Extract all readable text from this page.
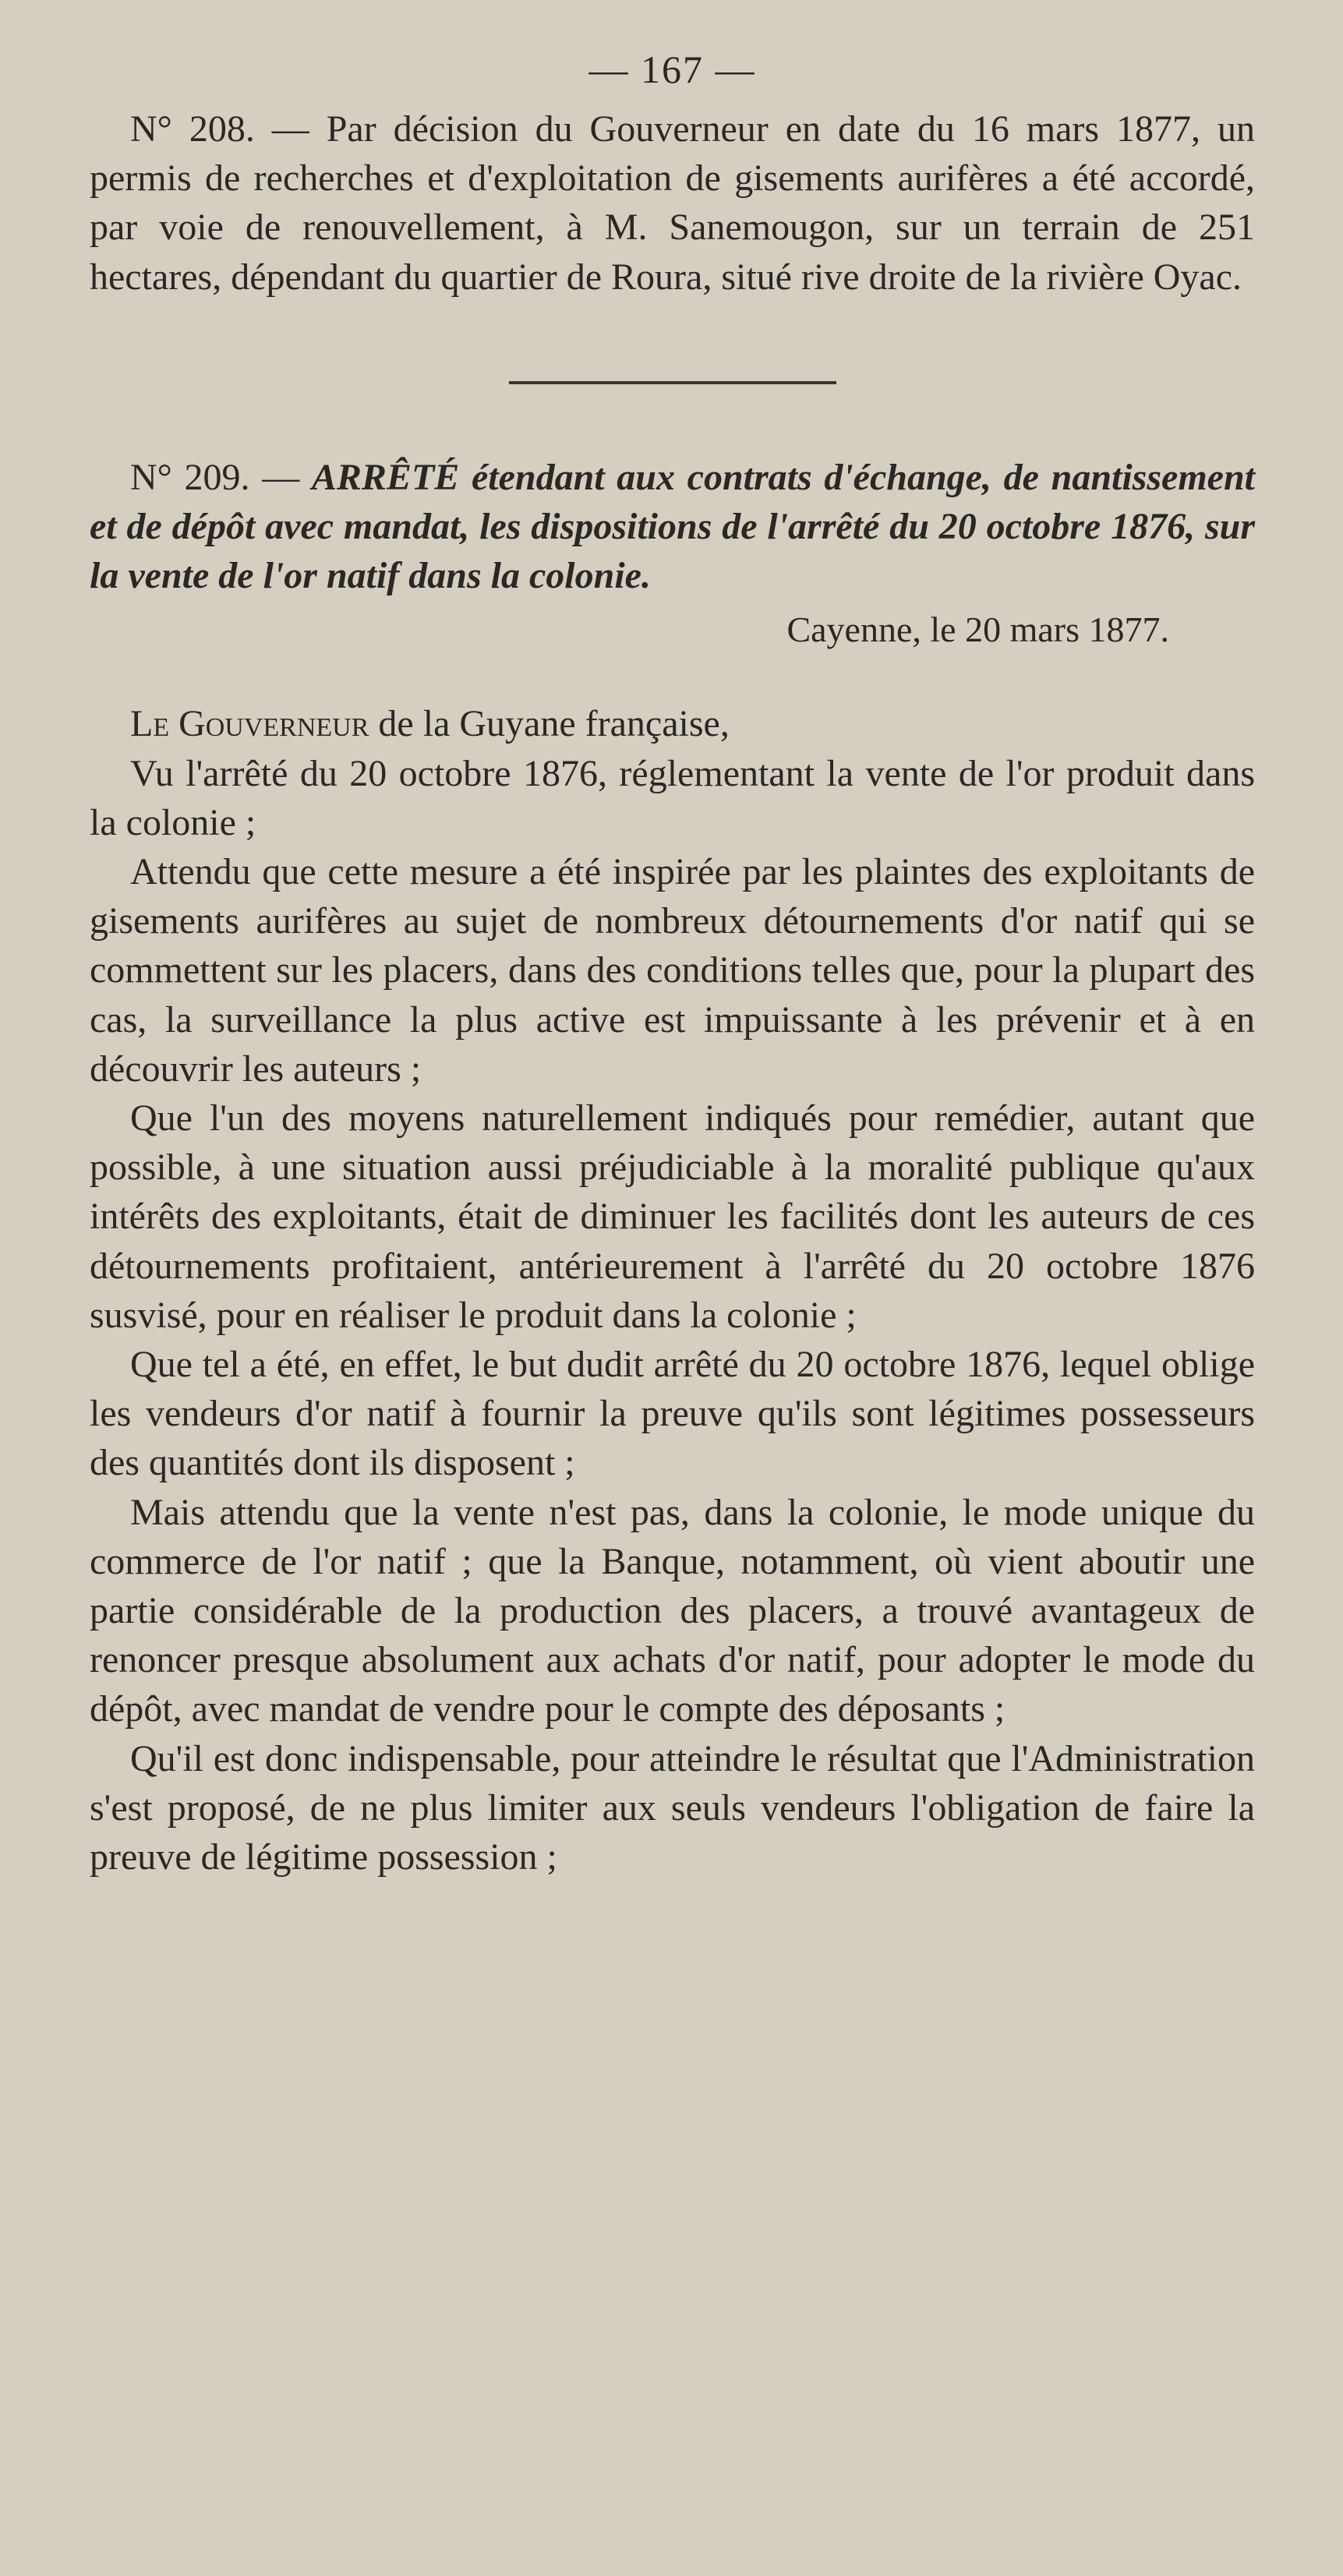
— 167 —

N° 208. — Par décision du Gouverneur en date du 16 mars 1877, un permis de recherches et d'exploitation de gisements aurifères a été accordé, par voie de renouvellement, à M. Sanemougon, sur un terrain de 251 hectares, dépendant du quartier de Roura, situé rive droite de la rivière Oyac.

N° 209. — ARRÊTÉ étendant aux contrats d'échange, de nantissement et de dépôt avec mandat, les dispositions de l'arrêté du 20 octobre 1876, sur la vente de l'or natif dans la colonie.

Cayenne, le 20 mars 1877.

Le Gouverneur de la Guyane française,

Vu l'arrêté du 20 octobre 1876, réglementant la vente de l'or produit dans la colonie ;

Attendu que cette mesure a été inspirée par les plaintes des exploitants de gisements aurifères au sujet de nombreux détournements d'or natif qui se commettent sur les placers, dans des conditions telles que, pour la plupart des cas, la surveillance la plus active est impuissante à les prévenir et à en découvrir les auteurs ;

Que l'un des moyens naturellement indiqués pour remédier, autant que possible, à une situation aussi préjudiciable à la moralité publique qu'aux intérêts des exploitants, était de diminuer les facilités dont les auteurs de ces détournements profitaient, antérieurement à l'arrêté du 20 octobre 1876 susvisé, pour en réaliser le produit dans la colonie ;

Que tel a été, en effet, le but dudit arrêté du 20 octobre 1876, lequel oblige les vendeurs d'or natif à fournir la preuve qu'ils sont légitimes possesseurs des quantités dont ils disposent ;

Mais attendu que la vente n'est pas, dans la colonie, le mode unique du commerce de l'or natif ; que la Banque, notamment, où vient aboutir une partie considérable de la production des placers, a trouvé avantageux de renoncer presque absolument aux achats d'or natif, pour adopter le mode du dépôt, avec mandat de vendre pour le compte des déposants ;

Qu'il est donc indispensable, pour atteindre le résultat que l'Administration s'est proposé, de ne plus limiter aux seuls vendeurs l'obligation de faire la preuve de légitime possession ;
